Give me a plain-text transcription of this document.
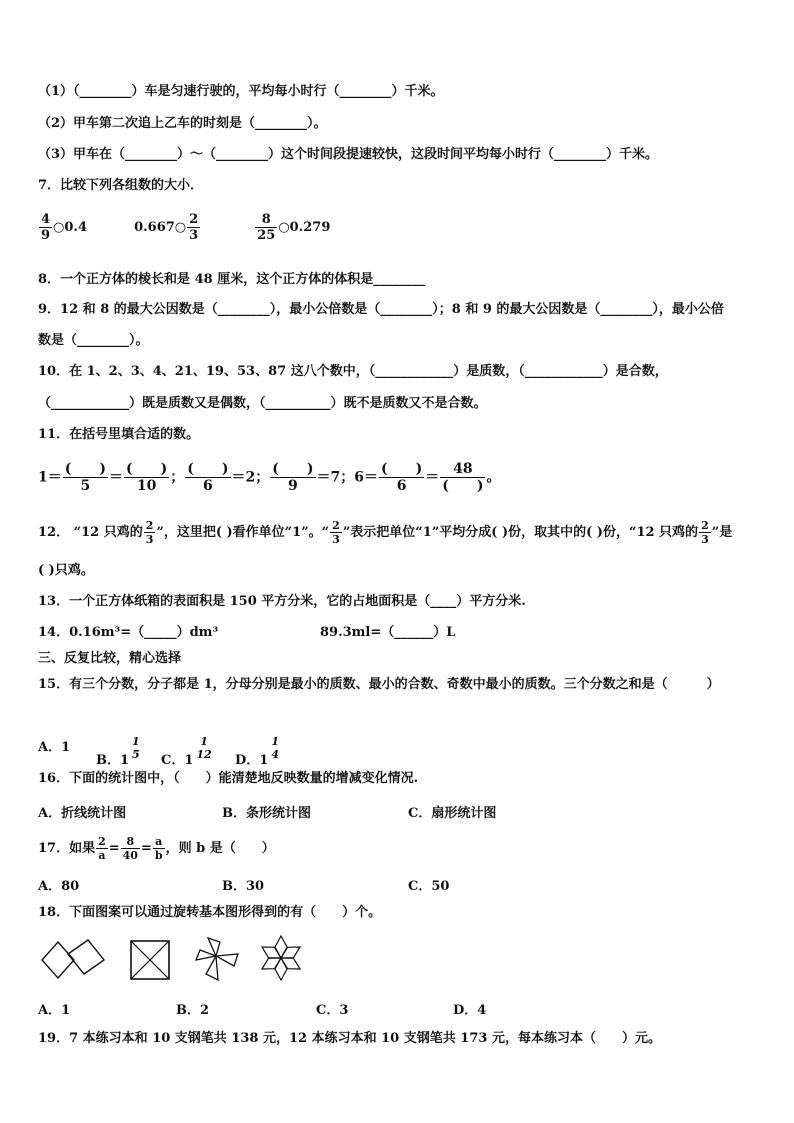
（1）（________）车是匀速行驶的，平均每小时行（________）千米。
（2）甲车第二次追上乙车的时刻是（________）。
（3）甲车在（________）～（________）这个时间段提速较快，这段时间平均每小时行（________）千米。
7．比较下列各组数的大小．
$\frac{4}{9}$ ○0.4	0.667○ $\frac{2}{3}$
	$\frac{8}{25}$ ○0.279
8．一个正方体的棱长和是 48 厘米，这个正方体的体积是________
9．12 和 8 的最大公因数是（________），最小公倍数是（________）；8 和 9 的最大公因数是（________），最小公倍
数是（________）。
10．在 1、2、3、4、21、19、53、87 这八个数中，（____________）是质数，（____________）是合数，
（____________）既是质数又是偶数，（__________）既不是质数又不是合数。
11．在括号里填合适的数。
$1= \frac{( )}{5} = \frac{( )}{10}$ ； $\frac{( )}{6} =2$； $\frac{( )}{9} =7$；$6= \frac{( )}{6} = \frac{48}{( )}$ 。
12． “12 只鸡的 $\frac{2}{3}$ ”，这里把( )看作单位“1”。“ $\frac{2}{3}$ ”表示把单位“1”平均分成( )份，取其中的( )份，“12 只鸡的 $\frac{2}{3}$ ”是
( )只鸡。
13．一个正方体纸箱的表面积是 150 平方分米，它的占地面积是（____）平方分米.
14．0.16m³=（_____）dm³	89.3ml=（______）L
三、反复比较，精心选择
15．有三个分数，分子都是 1，分母分别是最小的质数、最小的合数、奇数中最小的质数。三个分数之和是（　　　）
A．1
B．1
1
5 C．1
1
12 D．1
1
4
16．下面的统计图中，（　　）能清楚地反映数量的增减变化情况.
A．折线统计图	B．条形统计图	C．扇形统计图
17．如果 $\frac{2}{a} = \frac{8}{40} = \frac{a}{b}$ ，则 b 是（　　）
A．80	B．30	C．50
18．下面图案可以通过旋转基本图形得到的有（　　）个。
A．1	B．2	C．3	D．4
19．7 本练习本和 10 支钢笔共 138 元，12 本练习本和 10 支钢笔共 173 元，每本练习本（　　）元。
